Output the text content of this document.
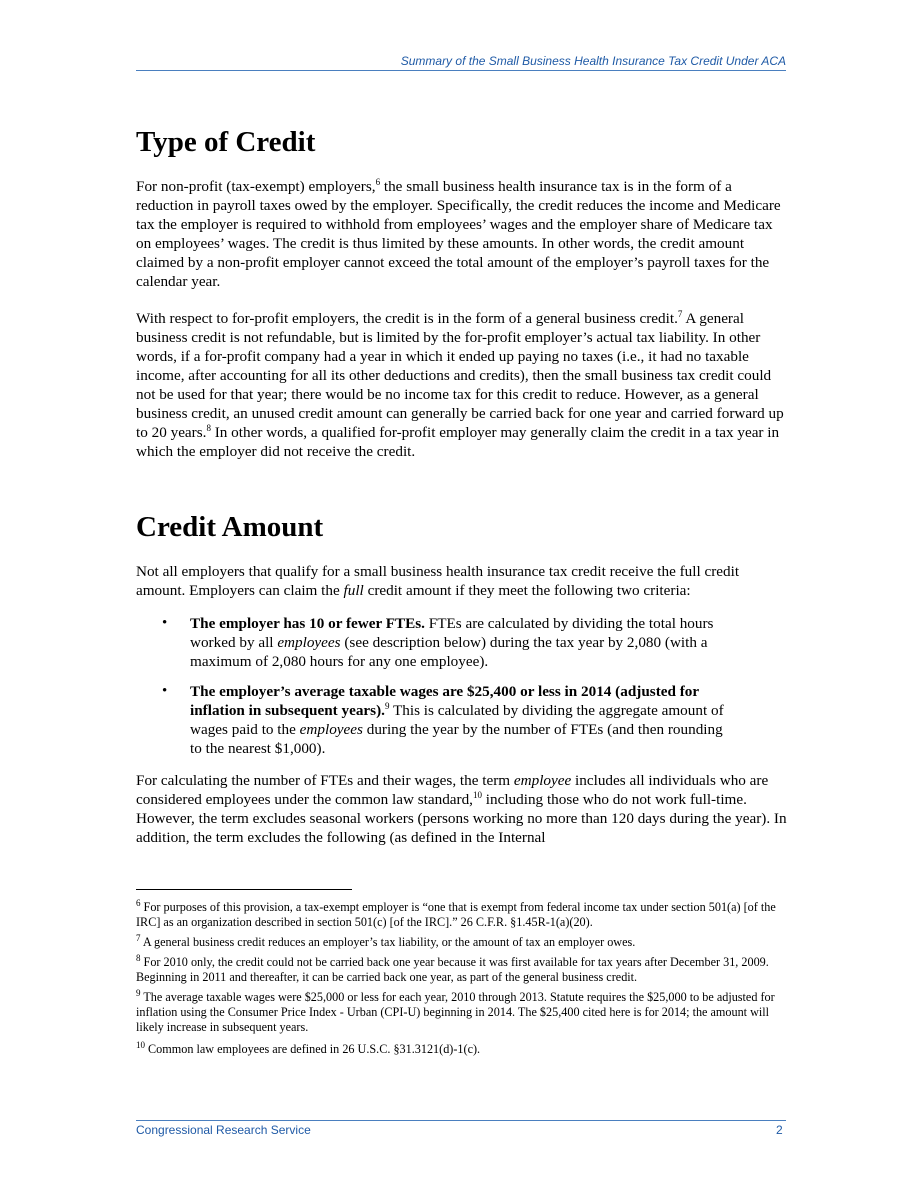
Summary of the Small Business Health Insurance Tax Credit Under ACA
Type of Credit

For non-profit (tax-exempt) employers,$^6$ the small business health insurance tax is in the form of a reduction in payroll taxes owed by the employer. Specifically, the credit reduces the income and Medicare tax the employer is required to withhold from employees’ wages and the employer share of Medicare tax on employees’ wages. The credit is thus limited by these amounts. In other words, the credit amount claimed by a non-profit employer cannot exceed the total amount of the employer’s payroll taxes for the calendar year.

With respect to for-profit employers, the credit is in the form of a general business credit.$^7$ A general business credit is not refundable, but is limited by the for-profit employer’s actual tax liability. In other words, if a for-profit company had a year in which it ended up paying no taxes (i.e., it had no taxable income, after accounting for all its other deductions and credits), then the small business tax credit could not be used for that year; there would be no income tax for this credit to reduce. However, as a general business credit, an unused credit amount can generally be carried back for one year and carried forward up to 20 years.$^8$ In other words, a qualified for-profit employer may generally claim the credit in a tax year in which the employer did not receive the credit.

Credit Amount

Not all employers that qualify for a small business health insurance tax credit receive the full credit amount. Employers can claim the full credit amount if they meet the following two criteria:

• The employer has 10 or fewer FTEs. FTEs are calculated by dividing the total hours worked by all employees (see description below) during the tax year by 2,080 (with a maximum of 2,080 hours for any one employee).

• The employer’s average taxable wages are $25,400 or less in 2014 (adjusted for inflation in subsequent years).$^9$ This is calculated by dividing the aggregate amount of wages paid to the employees during the year by the number of FTEs (and then rounding to the nearest $1,000).

For calculating the number of FTEs and their wages, the term employee includes all individuals who are considered employees under the common law standard,$^{10}$ including those who do not work full-time. However, the term excludes seasonal workers (persons working no more than 120 days during the year). In addition, the term excludes the following (as defined in the Internal

$^6$ For purposes of this provision, a tax-exempt employer is “one that is exempt from federal income tax under section 501(a) [of the IRC] as an organization described in section 501(c) [of the IRC].” 26 C.F.R. §1.45R-1(a)(20).

$^7$ A general business credit reduces an employer’s tax liability, or the amount of tax an employer owes.

$^8$ For 2010 only, the credit could not be carried back one year because it was first available for tax years after December 31, 2009. Beginning in 2011 and thereafter, it can be carried back one year, as part of the general business credit.

$^9$ The average taxable wages were $25,000 or less for each year, 2010 through 2013. Statute requires the $25,000 to be adjusted for inflation using the Consumer Price Index - Urban (CPI-U) beginning in 2014. The $25,400 cited here is for 2014; the amount will likely increase in subsequent years.

$^{10}$ Common law employees are defined in 26 U.S.C. §31.3121(d)-1(c).

Congressional Research Service	2
